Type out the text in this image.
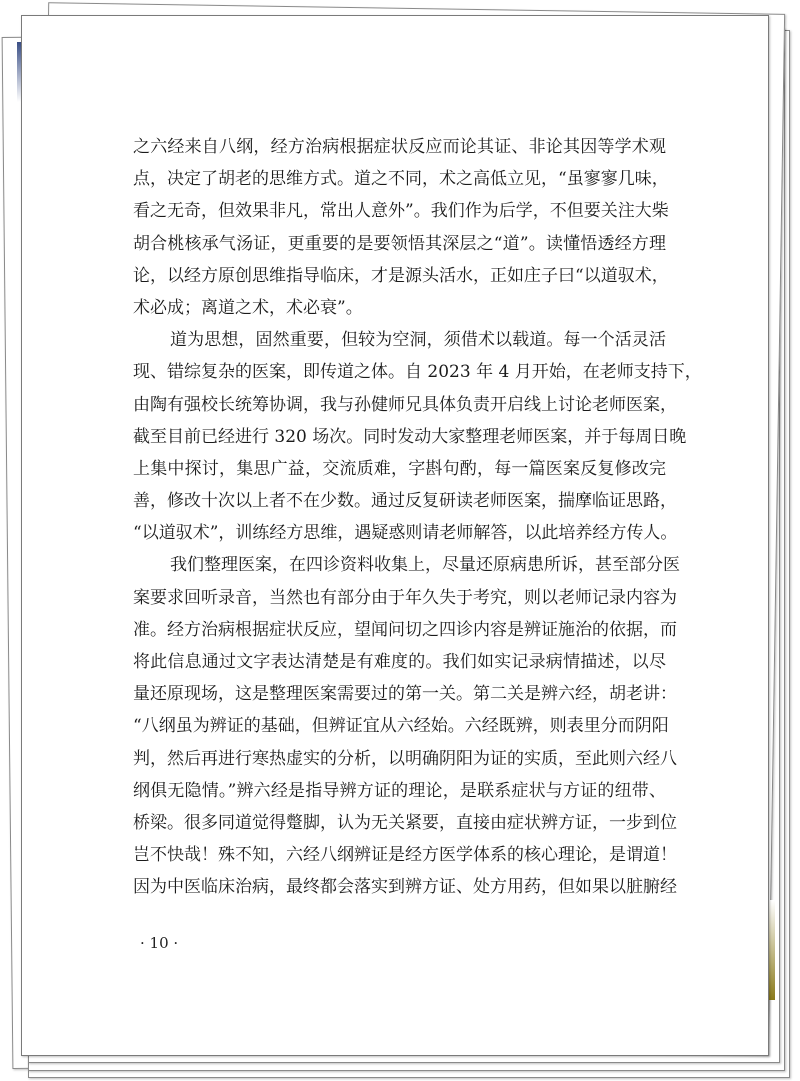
之六经来自八纲，经方治病根据症状反应而论其证、非论其因等学术观
点，决定了胡老的思维方式。道之不同，术之高低立见，“虽寥寥几味，
看之无奇，但效果非凡，常出人意外”。我们作为后学，不但要关注大柴
胡合桃核承气汤证，更重要的是要领悟其深层之“道”。读懂悟透经方理
论，以经方原创思维指导临床，才是源头活水，正如庄子曰“以道驭术，
术必成；离道之术，术必衰”。
道为思想，固然重要，但较为空洞，须借术以载道。每一个活灵活
现、错综复杂的医案，即传道之体。自 2023 年 4 月开始，在老师支持下，
由陶有强校长统筹协调，我与孙健师兄具体负责开启线上讨论老师医案，
截至目前已经进行 320 场次。同时发动大家整理老师医案，并于每周日晚
上集中探讨，集思广益，交流质难，字斟句酌，每一篇医案反复修改完
善，修改十次以上者不在少数。通过反复研读老师医案，揣摩临证思路，
“以道驭术”，训练经方思维，遇疑惑则请老师解答，以此培养经方传人。
我们整理医案，在四诊资料收集上，尽量还原病患所诉，甚至部分医
案要求回听录音，当然也有部分由于年久失于考究，则以老师记录内容为
准。经方治病根据症状反应，望闻问切之四诊内容是辨证施治的依据，而
将此信息通过文字表达清楚是有难度的。我们如实记录病情描述，以尽
量还原现场，这是整理医案需要过的第一关。第二关是辨六经，胡老讲：
“八纲虽为辨证的基础，但辨证宜从六经始。六经既辨，则表里分而阴阳
判，然后再进行寒热虚实的分析，以明确阴阳为证的实质，至此则六经八
纲俱无隐情。”辨六经是指导辨方证的理论，是联系症状与方证的纽带、
桥梁。很多同道觉得蹩脚，认为无关紧要，直接由症状辨方证，一步到位
岂不快哉！殊不知，六经八纲辨证是经方医学体系的核心理论，是谓道！
因为中医临床治病，最终都会落实到辨方证、处方用药，但如果以脏腑经
· 10 ·
